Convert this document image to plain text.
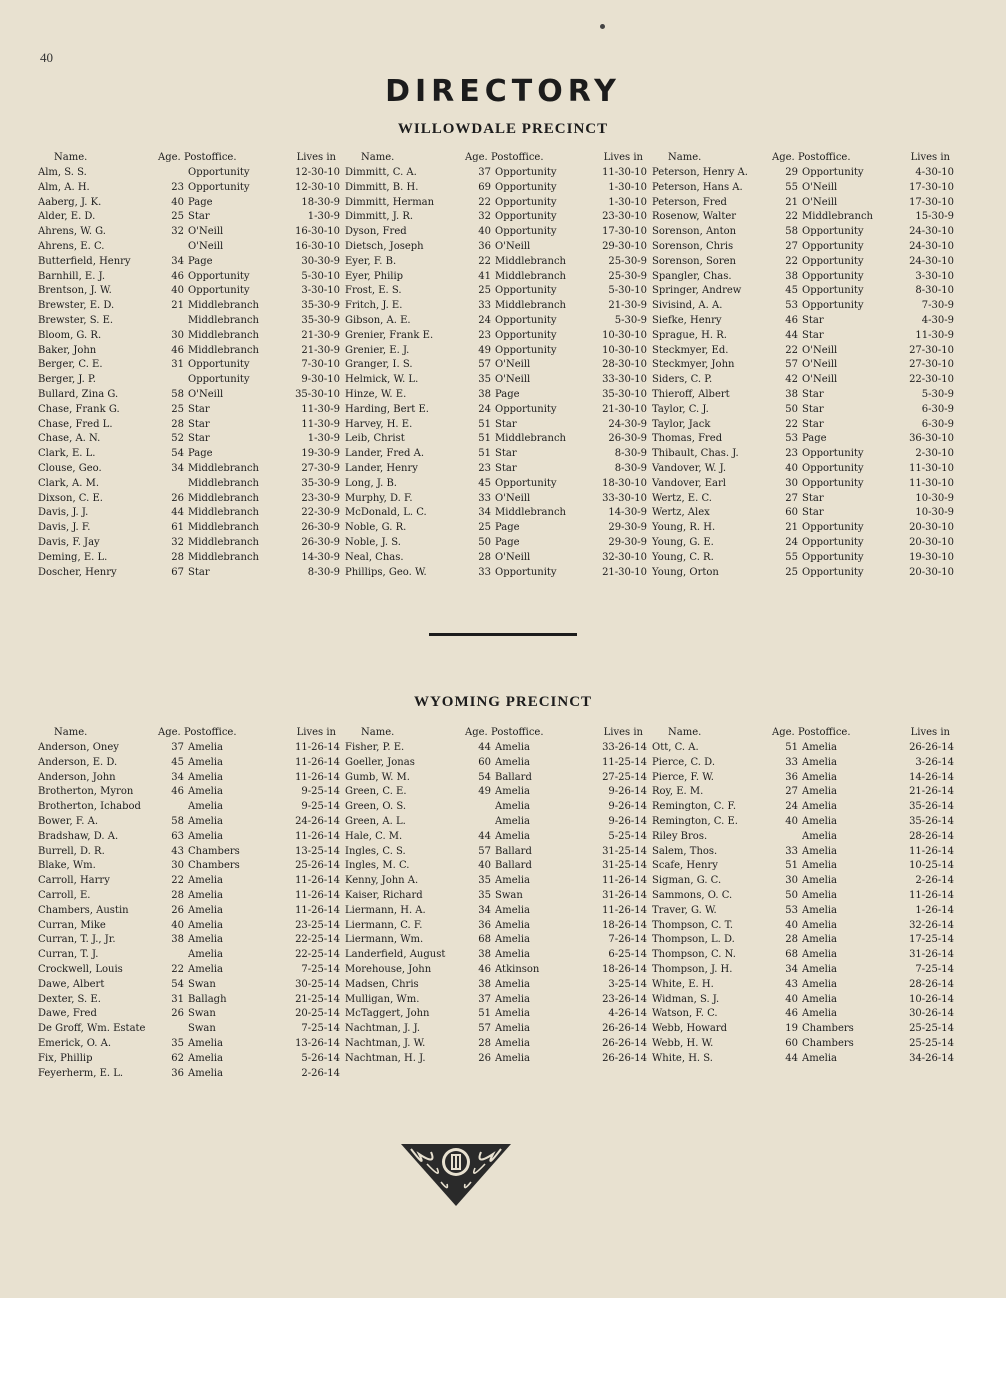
40
DIRECTORY
WILLOWDALE PRECINCT
Name.	Age. Postoffice.	Lives in
Alm, S. S.	Opportunity	12-30-10
Alm, A. H.	23 Opportunity	12-30-10
Aaberg, J. K.	40 Page	18-30-9
Alder, E. D.	25 Star	1-30-9
Ahrens, W. G.	32 O'Neill	16-30-10
Ahrens, E. C.	O'Neill	16-30-10
Butterfield, Henry	34 Page	30-30-9
Barnhill, E. J.	46 Opportunity	5-30-10
Brentson, J. W.	40 Opportunity	3-30-10
Brewster, E. D.	21 Middlebranch	35-30-9
Brewster, S. E.	Middlebranch	35-30-9
Bloom, G. R.	30 Middlebranch	21-30-9
Baker, John	46 Middlebranch	21-30-9
Berger, C. E.	31 Opportunity	7-30-10
Berger, J. P.	Opportunity	9-30-10
Bullard, Zina G.	58 O'Neill	35-30-10
Chase, Frank G.	25 Star	11-30-9
Chase, Fred L.	28 Star	11-30-9
Chase, A. N.	52 Star	1-30-9
Clark, E. L.	54 Page	19-30-9
Clouse, Geo.	34 Middlebranch	27-30-9
Clark, A. M.	Middlebranch	35-30-9
Dixson, C. E.	26 Middlebranch	23-30-9
Davis, J. J.	44 Middlebranch	22-30-9
Davis, J. F.	61 Middlebranch	26-30-9
Davis, F. Jay	32 Middlebranch	26-30-9
Deming, E. L.	28 Middlebranch	14-30-9
Doscher, Henry	67 Star	8-30-9
Name.	Age. Postoffice.	Lives in
Dimmitt, C. A.	37 Opportunity	11-30-10
Dimmitt, B. H.	69 Opportunity	1-30-10
Dimmitt, Herman	22 Opportunity	1-30-10
Dimmitt, J. R.	32 Opportunity	23-30-10
Dyson, Fred	40 Opportunity	17-30-10
Dietsch, Joseph	36 O'Neill	29-30-10
Eyer, F. B.	22 Middlebranch	25-30-9
Eyer, Philip	41 Middlebranch	25-30-9
Frost, E. S.	25 Opportunity	5-30-10
Fritch, J. E.	33 Middlebranch	21-30-9
Gibson, A. E.	24 Opportunity	5-30-9
Grenier, Frank E.	23 Opportunity	10-30-10
Grenier, E. J.	49 Opportunity	10-30-10
Granger, I. S.	57 O'Neill	28-30-10
Helmick, W. L.	35 O'Neill	33-30-10
Hinze, W. E.	38 Page	35-30-10
Harding, Bert E.	24 Opportunity	21-30-10
Harvey, H. E.	51 Star	24-30-9
Leib, Christ	51 Middlebranch	26-30-9
Lander, Fred A.	51 Star	8-30-9
Lander, Henry	23 Star	8-30-9
Long, J. B.	45 Opportunity	18-30-10
Murphy, D. F.	33 O'Neill	33-30-10
McDonald, L. C.	34 Middlebranch	14-30-9
Noble, G. R.	25 Page	29-30-9
Noble, J. S.	50 Page	29-30-9
Neal, Chas.	28 O'Neill	32-30-10
Phillips, Geo. W.	33 Opportunity	21-30-10
Name.	Age. Postoffice.	Lives in
Peterson, Henry A.	29 Opportunity	4-30-10
Peterson, Hans A.	55 O'Neill	17-30-10
Peterson, Fred	21 O'Neill	17-30-10
Rosenow, Walter	22 Middlebranch	15-30-9
Sorenson, Anton	58 Opportunity	24-30-10
Sorenson, Chris	27 Opportunity	24-30-10
Sorenson, Soren	22 Opportunity	24-30-10
Spangler, Chas.	38 Opportunity	3-30-10
Springer, Andrew	45 Opportunity	8-30-10
Sivisind, A. A.	53 Opportunity	7-30-9
Siefke, Henry	46 Star	4-30-9
Sprague, H. R.	44 Star	11-30-9
Steckmyer, Ed.	22 O'Neill	27-30-10
Steckmyer, John	57 O'Neill	27-30-10
Siders, C. P.	42 O'Neill	22-30-10
Thieroff, Albert	38 Star	5-30-9
Taylor, C. J.	50 Star	6-30-9
Taylor, Jack	22 Star	6-30-9
Thomas, Fred	53 Page	36-30-10
Thibault, Chas. J.	23 Opportunity	2-30-10
Vandover, W. J.	40 Opportunity	11-30-10
Vandover, Earl	30 Opportunity	11-30-10
Wertz, E. C.	27 Star	10-30-9
Wertz, Alex	60 Star	10-30-9
Young, R. H.	21 Opportunity	20-30-10
Young, G. E.	24 Opportunity	20-30-10
Young, C. R.	55 Opportunity	19-30-10
Young, Orton	25 Opportunity	20-30-10
WYOMING PRECINCT
Name.	Age. Postoffice.	Lives in
Anderson, Oney	37 Amelia	11-26-14
Anderson, E. D.	45 Amelia	11-26-14
Anderson, John	34 Amelia	11-26-14
Brotherton, Myron	46 Amelia	9-25-14
Brotherton, Ichabod	Amelia	9-25-14
Bower, F. A.	58 Amelia	24-26-14
Bradshaw, D. A.	63 Amelia	11-26-14
Burrell, D. R.	43 Chambers	13-25-14
Blake, Wm.	30 Chambers	25-26-14
Carroll, Harry	22 Amelia	11-26-14
Carroll, E.	28 Amelia	11-26-14
Chambers, Austin	26 Amelia	11-26-14
Curran, Mike	40 Amelia	23-25-14
Curran, T. J., Jr.	38 Amelia	22-25-14
Curran, T. J.	Amelia	22-25-14
Crockwell, Louis	22 Amelia	7-25-14
Dawe, Albert	54 Swan	30-25-14
Dexter, S. E.	31 Ballagh	21-25-14
Dawe, Fred	26 Swan	20-25-14
De Groff, Wm. Estate	Swan	7-25-14
Emerick, O. A.	35 Amelia	13-26-14
Fix, Phillip	62 Amelia	5-26-14
Feyerherm, E. L.	36 Amelia	2-26-14
Name.	Age. Postoffice.	Lives in
Fisher, P. E.	44 Amelia	33-26-14
Goeller, Jonas	60 Amelia	11-25-14
Gumb, W. M.	54 Ballard	27-25-14
Green, C. E.	49 Amelia	9-26-14
Green, O. S.	Amelia	9-26-14
Green, A. L.	Amelia	9-26-14
Hale, C. M.	44 Amelia	5-25-14
Ingles, C. S.	57 Ballard	31-25-14
Ingles, M. C.	40 Ballard	31-25-14
Kenny, John A.	35 Amelia	11-26-14
Kaiser, Richard	35 Swan	31-26-14
Liermann, H. A.	34 Amelia	11-26-14
Liermann, C. F.	36 Amelia	18-26-14
Liermann, Wm.	68 Amelia	7-26-14
Landerfield, August	38 Amelia	6-25-14
Morehouse, John	46 Atkinson	18-26-14
Madsen, Chris	38 Amelia	3-25-14
Mulligan, Wm.	37 Amelia	23-26-14
McTaggert, John	51 Amelia	4-26-14
Nachtman, J. J.	57 Amelia	26-26-14
Nachtman, J. W.	28 Amelia	26-26-14
Nachtman, H. J.	26 Amelia	26-26-14
Name.	Age. Postoffice.	Lives in
Ott, C. A.	51 Amelia	26-26-14
Pierce, C. D.	33 Amelia	3-26-14
Pierce, F. W.	36 Amelia	14-26-14
Roy, E. M.	27 Amelia	21-26-14
Remington, C. F.	24 Amelia	35-26-14
Remington, C. E.	40 Amelia	35-26-14
Riley Bros.	Amelia	28-26-14
Salem, Thos.	33 Amelia	11-26-14
Scafe, Henry	51 Amelia	10-25-14
Sigman, G. C.	30 Amelia	2-26-14
Sammons, O. C.	50 Amelia	11-26-14
Traver, G. W.	53 Amelia	1-26-14
Thompson, C. T.	40 Amelia	32-26-14
Thompson, L. D.	28 Amelia	17-25-14
Thompson, C. N.	68 Amelia	31-26-14
Thompson, J. H.	34 Amelia	7-25-14
White, E. H.	43 Amelia	28-26-14
Widman, S. J.	40 Amelia	10-26-14
Watson, F. C.	46 Amelia	30-26-14
Webb, Howard	19 Chambers	25-25-14
Webb, H. W.	60 Chambers	25-25-14
White, H. S.	44 Amelia	34-26-14
